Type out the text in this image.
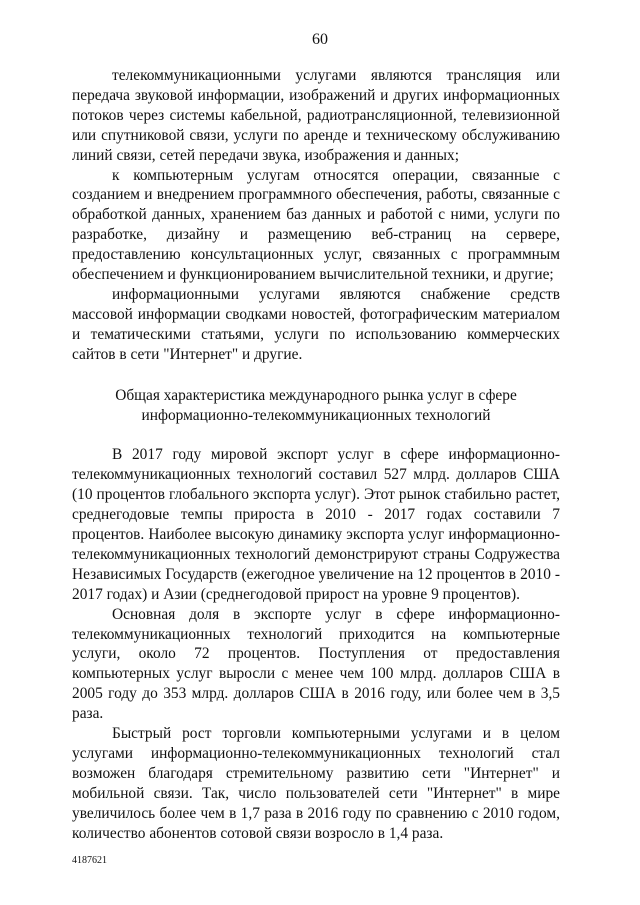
60

телекоммуникационными услугами являются трансляция или передача звуковой информации, изображений и других информационных потоков через системы кабельной, радиотрансляционной, телевизионной или спутниковой связи, услуги по аренде и техническому обслуживанию линий связи, сетей передачи звука, изображения и данных;

к компьютерным услугам относятся операции, связанные с созданием и внедрением программного обеспечения, работы, связанные с обработкой данных, хранением баз данных и работой с ними, услуги по разработке, дизайну и размещению веб-страниц на сервере, предоставлению консультационных услуг, связанных с программным обеспечением и функционированием вычислительной техники, и другие;

информационными услугами являются снабжение средств массовой информации сводками новостей, фотографическим материалом и тематическими статьями, услуги по использованию коммерческих сайтов в сети "Интернет" и другие.

Общая характеристика международного рынка услуг в сфере информационно-телекоммуникационных технологий

В 2017 году мировой экспорт услуг в сфере информационно-телекоммуникационных технологий составил 527 млрд. долларов США (10 процентов глобального экспорта услуг). Этот рынок стабильно растет, среднегодовые темпы прироста в 2010 - 2017 годах составили 7 процентов. Наиболее высокую динамику экспорта услуг информационно-телекоммуникационных технологий демонстрируют страны Содружества Независимых Государств (ежегодное увеличение на 12 процентов в 2010 - 2017 годах) и Азии (среднегодовой прирост на уровне 9 процентов).

Основная доля в экспорте услуг в сфере информационно-телекоммуникационных технологий приходится на компьютерные услуги, около 72 процентов. Поступления от предоставления компьютерных услуг выросли с менее чем 100 млрд. долларов США в 2005 году до 353 млрд. долларов США в 2016 году, или более чем в 3,5 раза.

Быстрый рост торговли компьютерными услугами и в целом услугами информационно-телекоммуникационных технологий стал возможен благодаря стремительному развитию сети "Интернет" и мобильной связи. Так, число пользователей сети "Интернет" в мире увеличилось более чем в 1,7 раза в 2016 году по сравнению с 2010 годом, количество абонентов сотовой связи возросло в 1,4 раза.

4187621
